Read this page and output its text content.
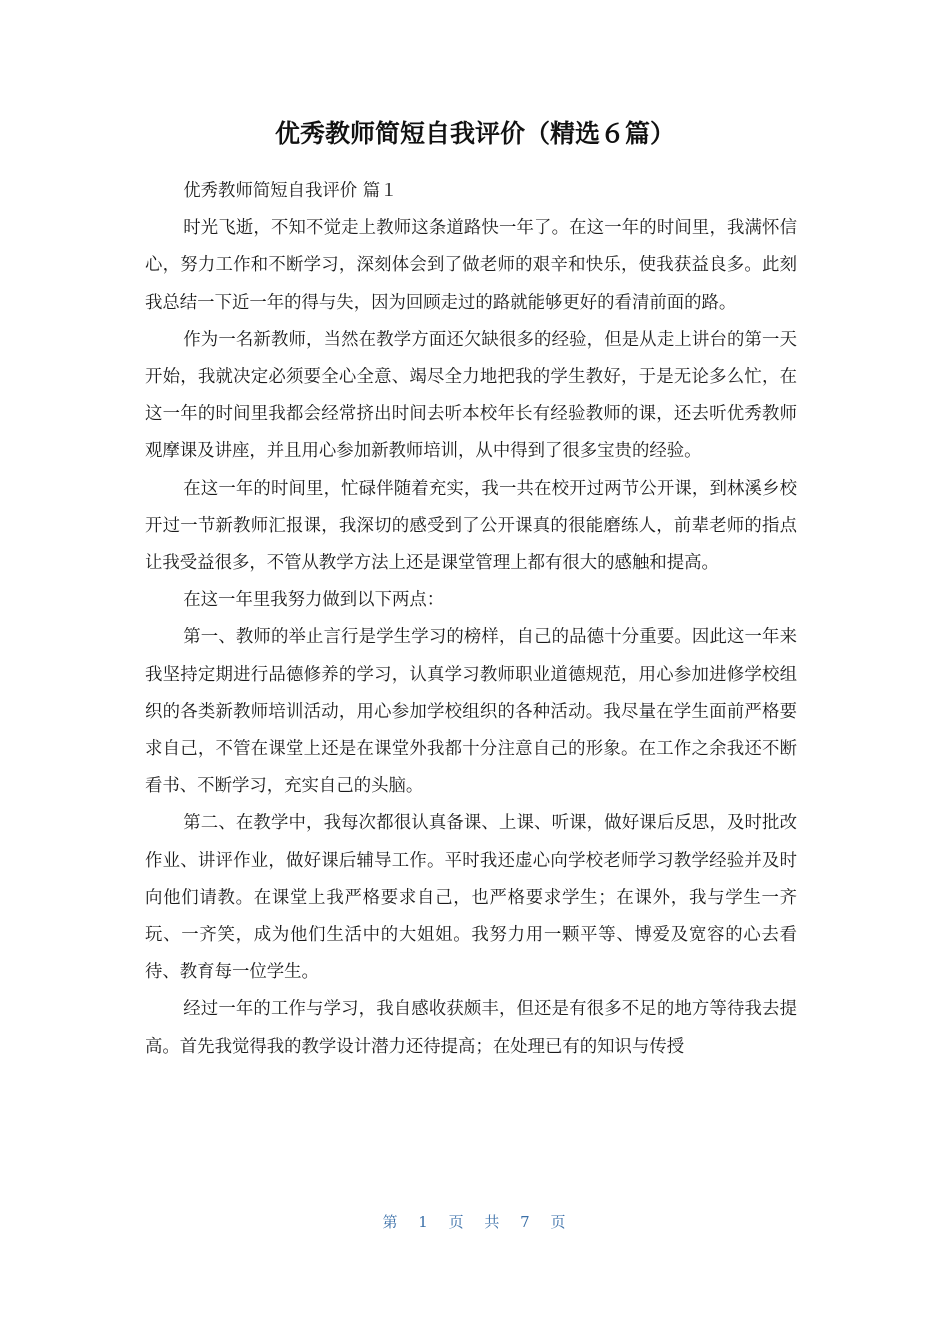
优秀教师简短自我评价（精选６篇）

优秀教师简短自我评价 篇１

时光飞逝，不知不觉走上教师这条道路快一年了。在这一年的时间里，我满怀信心，努力工作和不断学习，深刻体会到了做老师的艰辛和快乐，使我获益良多。此刻我总结一下近一年的得与失，因为回顾走过的路就能够更好的看清前面的路。

作为一名新教师，当然在教学方面还欠缺很多的经验，但是从走上讲台的第一天开始，我就决定必须要全心全意、竭尽全力地把我的学生教好，于是无论多么忙，在这一年的时间里我都会经常挤出时间去听本校年长有经验教师的课，还去听优秀教师观摩课及讲座，并且用心参加新教师培训，从中得到了很多宝贵的经验。

在这一年的时间里，忙碌伴随着充实，我一共在校开过两节公开课，到林溪乡校开过一节新教师汇报课，我深切的感受到了公开课真的很能磨练人，前辈老师的指点让我受益很多，不管从教学方法上还是课堂管理上都有很大的感触和提高。

在这一年里我努力做到以下两点：

第一、教师的举止言行是学生学习的榜样，自己的品德十分重要。因此这一年来我坚持定期进行品德修养的学习，认真学习教师职业道德规范，用心参加进修学校组织的各类新教师培训活动，用心参加学校组织的各种活动。我尽量在学生面前严格要求自己，不管在课堂上还是在课堂外我都十分注意自己的形象。在工作之余我还不断看书、不断学习，充实自己的头脑。

第二、在教学中，我每次都很认真备课、上课、听课，做好课后反思，及时批改作业、讲评作业，做好课后辅导工作。平时我还虚心向学校老师学习教学经验并及时向他们请教。在课堂上我严格要求自己，也严格要求学生；在课外，我与学生一齐玩、一齐笑，成为他们生活中的大姐姐。我努力用一颗平等、博爱及宽容的心去看待、教育每一位学生。

经过一年的工作与学习，我自感收获颇丰，但还是有很多不足的地方等待我去提高。首先我觉得我的教学设计潜力还待提高；在处理已有的知识与传授

第 1 页 共 7 页
